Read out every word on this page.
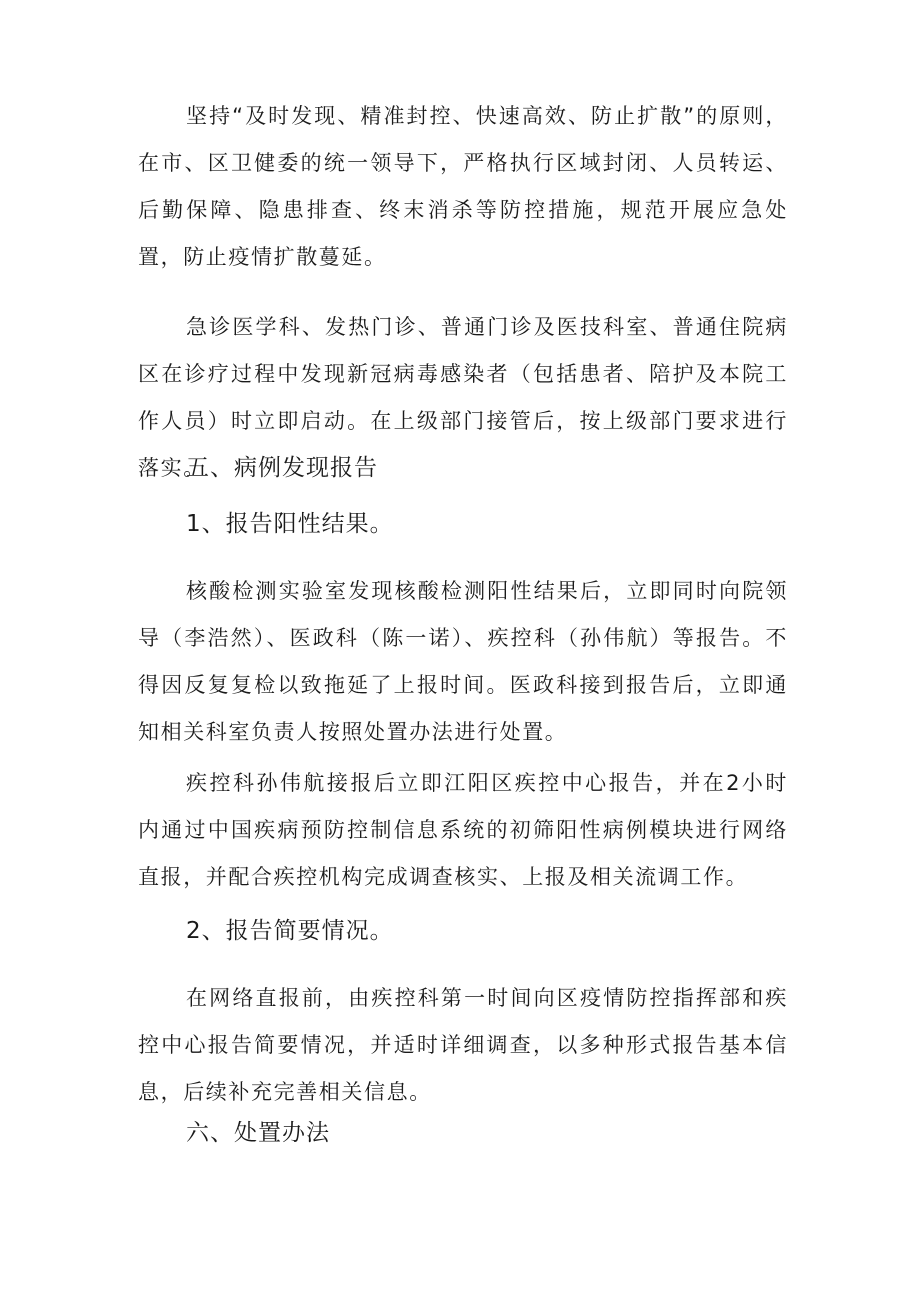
坚持“及时发现、精准封控、快速高效、防止扩散”的原则，在市、区卫健委的统一领导下，严格执行区域封闭、人员转运、后勤保障、隐患排查、终末消杀等防控措施，规范开展应急处置，防止疫情扩散蔓延。

急诊医学科、发热门诊、普通门诊及医技科室、普通住院病区在诊疗过程中发现新冠病毒感染者（包括患者、陪护及本院工作人员）时立即启动。在上级部门接管后，按上级部门要求进行落实。

五、病例发现报告
1、报告阳性结果。

核酸检测实验室发现核酸检测阳性结果后，立即同时向院领导（李浩然）、医政科（陈一诺）、疾控科（孙伟航）等报告。不得因反复复检以致拖延了上报时间。医政科接到报告后，立即通知相关科室负责人按照处置办法进行处置。

疾控科孙伟航接报后立即江阳区疾控中心报告，并在2小时内通过中国疾病预防控制信息系统的初筛阳性病例模块进行网络直报，并配合疾控机构完成调查核实、上报及相关流调工作。

2、报告简要情况。

在网络直报前，由疾控科第一时间向区疫情防控指挥部和疾控中心报告简要情况，并适时详细调查，以多种形式报告基本信息，后续补充完善相关信息。

六、处置办法
